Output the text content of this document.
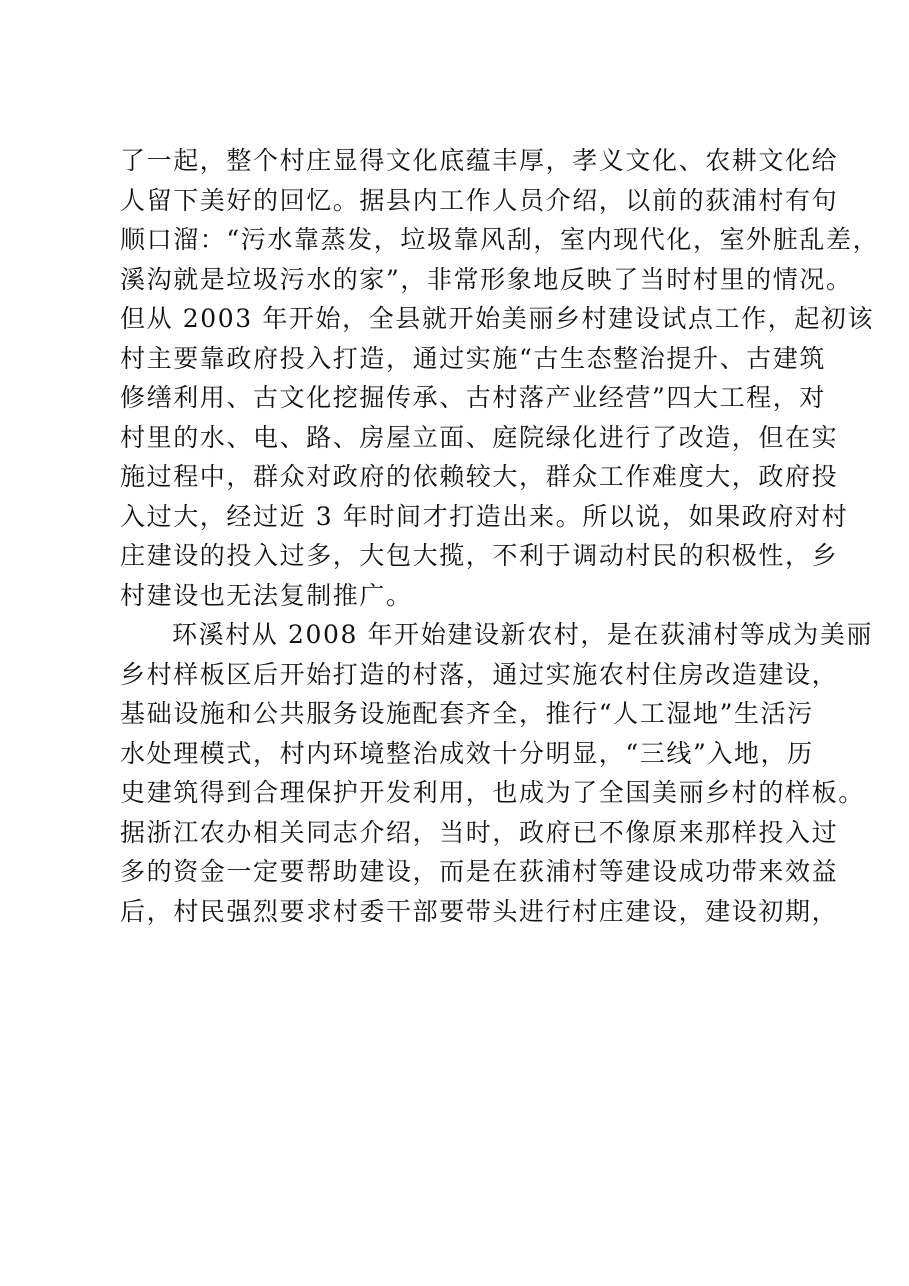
了一起，整个村庄显得文化底蕴丰厚，孝义文化、农耕文化给
人留下美好的回忆。据县内工作人员介绍，以前的荻浦村有句
顺口溜：“污水靠蒸发，垃圾靠风刮，室内现代化，室外脏乱差，
溪沟就是垃圾污水的家”，非常形象地反映了当时村里的情况。
但从 2003 年开始，全县就开始美丽乡村建设试点工作，起初该
村主要靠政府投入打造，通过实施“古生态整治提升、古建筑
修缮利用、古文化挖掘传承、古村落产业经营”四大工程，对
村里的水、电、路、房屋立面、庭院绿化进行了改造，但在实
施过程中，群众对政府的依赖较大，群众工作难度大，政府投
入过大，经过近 3 年时间才打造出来。所以说，如果政府对村
庄建设的投入过多，大包大揽，不利于调动村民的积极性，乡
村建设也无法复制推广。
环溪村从 2008 年开始建设新农村，是在荻浦村等成为美丽
乡村样板区后开始打造的村落，通过实施农村住房改造建设，
基础设施和公共服务设施配套齐全，推行“人工湿地”生活污
水处理模式，村内环境整治成效十分明显，“三线”入地，历
史建筑得到合理保护开发利用，也成为了全国美丽乡村的样板。
据浙江农办相关同志介绍，当时，政府已不像原来那样投入过
多的资金一定要帮助建设，而是在荻浦村等建设成功带来效益
后，村民强烈要求村委干部要带头进行村庄建设，建设初期，
